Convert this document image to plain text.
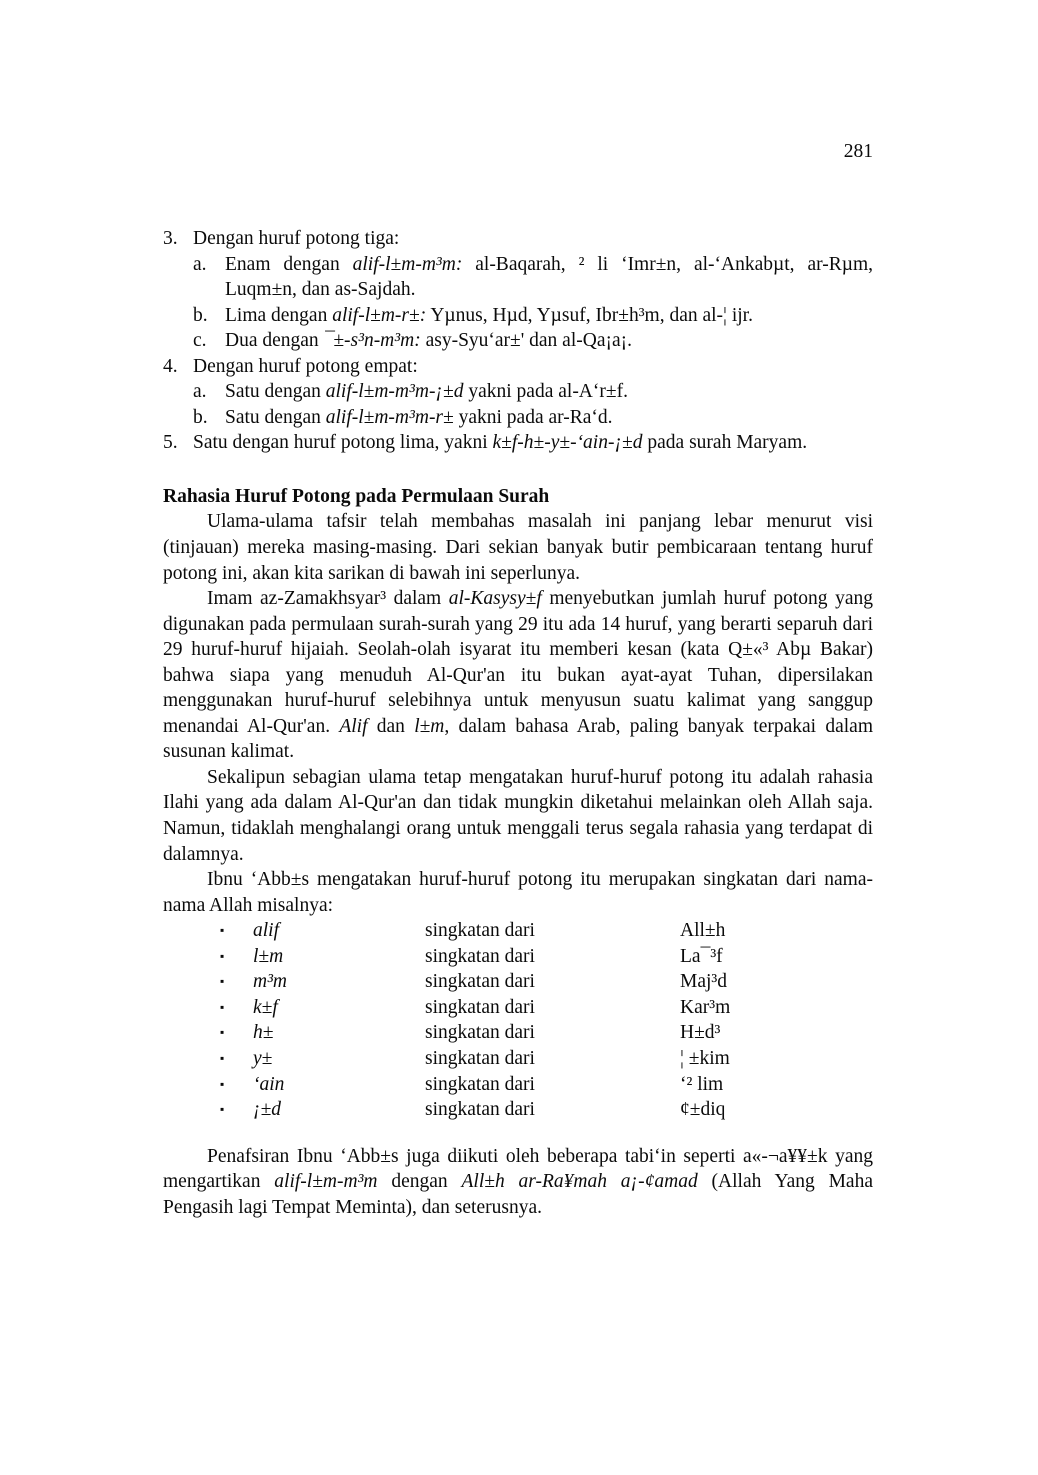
281
3. Dengan huruf potong tiga:
a. Enam dengan alif-l±m-m³m: al-Baqarah, ² li ‘Imr±n, al-‘Ankabµt, ar-Rµm, Luqm±n, dan as-Sajdah.
b. Lima dengan alif-l±m-r±: Yµnus, Hµd, Yµsuf, Ibr±h³m, dan al-¦ ijr.
c. Dua dengan ¯±-s³n-m³m: asy-Syu‘ar±' dan al-Qa¡a¡.
4. Dengan huruf potong empat:
a. Satu dengan alif-l±m-m³m-¡±d yakni pada al-A‘r±f.
b. Satu dengan alif-l±m-m³m-r± yakni pada ar-Ra‘d.
5. Satu dengan huruf potong lima, yakni k±f-h±-y±-‘ain-¡±d pada surah Maryam.
Rahasia Huruf Potong pada Permulaan Surah

Ulama-ulama tafsir telah membahas masalah ini panjang lebar menurut visi (tinjauan) mereka masing-masing. Dari sekian banyak butir pembicaraan tentang huruf potong ini, akan kita sarikan di bawah ini seperlunya.

Imam az-Zamakhsyar³ dalam al-Kasysy±f menyebutkan jumlah huruf potong yang digunakan pada permulaan surah-surah yang 29 itu ada 14 huruf, yang berarti separuh dari 29 huruf-huruf hijaiah. Seolah-olah isyarat itu memberi kesan (kata Q±«³ Abµ Bakar) bahwa siapa yang menuduh Al-Qur'an itu bukan ayat-ayat Tuhan, dipersilakan menggunakan huruf-huruf selebihnya untuk menyusun suatu kalimat yang sanggup menandai Al-Qur'an. Alif dan l±m, dalam bahasa Arab, paling banyak terpakai dalam susunan kalimat.

Sekalipun sebagian ulama tetap mengatakan huruf-huruf potong itu adalah rahasia Ilahi yang ada dalam Al-Qur'an dan tidak mungkin diketahui melainkan oleh Allah saja. Namun, tidaklah menghalangi orang untuk menggali terus segala rahasia yang terdapat di dalamnya.

Ibnu ‘Abb±s mengatakan huruf-huruf potong itu merupakan singkatan dari nama-nama Allah misalnya:

▪ alif	singkatan dari	All±h
▪ l±m	singkatan dari	La¯³f
▪ m³m	singkatan dari	Maj³d
▪ k±f	singkatan dari	Kar³m
▪ h±	singkatan dari	H±d³
▪ y±	singkatan dari	¦ ±kim
▪ ‘ain	singkatan dari	‘² lim
▪ ¡±d	singkatan dari	¢±diq

Penafsiran Ibnu ‘Abb±s juga diikuti oleh beberapa tabi‘in seperti a«-¬a¥¥±k yang mengartikan alif-l±m-m³m dengan All±h ar-Ra¥mah a¡-¢amad (Allah Yang Maha Pengasih lagi Tempat Meminta), dan seterusnya.
